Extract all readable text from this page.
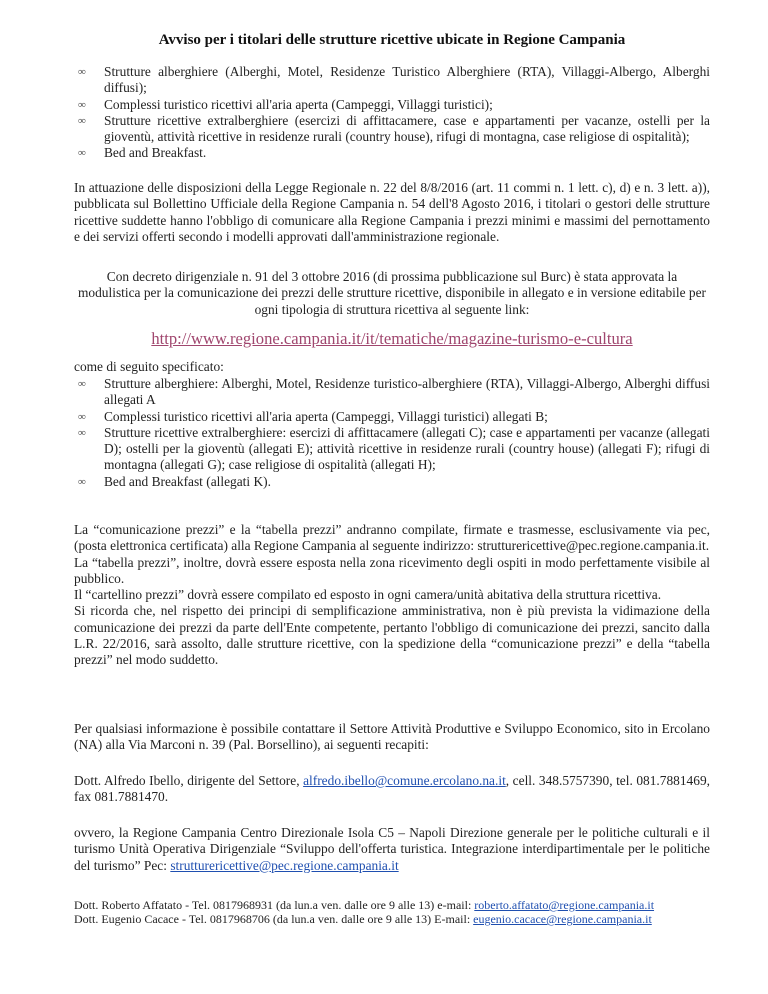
Avviso per i titolari delle strutture ricettive ubicate in Regione Campania
∞ Strutture alberghiere (Alberghi, Motel, Residenze Turistico Alberghiere (RTA), Villaggi-Albergo, Alberghi diffusi);
∞ Complessi turistico ricettivi all'aria aperta (Campeggi, Villaggi turistici);
∞ Strutture ricettive extralberghiere (esercizi di affittacamere, case e appartamenti per vacanze, ostelli per la gioventù, attività ricettive in residenze rurali (country house), rifugi di montagna, case religiose di ospitalità);
∞ Bed and Breakfast.

In attuazione delle disposizioni della Legge Regionale n. 22 del 8/8/2016 (art. 11 commi n. 1 lett. c), d) e n. 3 lett. a)), pubblicata sul Bollettino Ufficiale della Regione Campania n. 54 dell'8 Agosto 2016, i titolari o gestori delle strutture ricettive suddette hanno l'obbligo di comunicare alla Regione Campania i prezzi minimi e massimi del pernottamento e dei servizi offerti secondo i modelli approvati dall'amministrazione regionale.

Con decreto dirigenziale n. 91 del 3 ottobre 2016 (di prossima pubblicazione sul Burc) è stata approvata la modulistica per la comunicazione dei prezzi delle strutture ricettive, disponibile in allegato e in versione editabile per ogni tipologia di struttura ricettiva al seguente link:
http://www.regione.campania.it/it/tematiche/magazine-turismo-e-cultura
come di seguito specificato:
∞ Strutture alberghiere: Alberghi, Motel, Residenze turistico-alberghiere (RTA), Villaggi-Albergo, Alberghi diffusi allegati A
∞ Complessi turistico ricettivi all'aria aperta (Campeggi, Villaggi turistici) allegati B;
∞ Strutture ricettive extralberghiere: esercizi di affittacamere (allegati C); case e appartamenti per vacanze (allegati D); ostelli per la gioventù (allegati E); attività ricettive in residenze rurali (country house) (allegati F); rifugi di montagna (allegati G); case religiose di ospitalità (allegati H);
∞ Bed and Breakfast (allegati K).

La “comunicazione prezzi” e la “tabella prezzi” andranno compilate, firmate e trasmesse, esclusivamente via pec, (posta elettronica certificata) alla Regione Campania al seguente indirizzo: strutturericettive@pec.regione.campania.it.

La “tabella prezzi”, inoltre, dovrà essere esposta nella zona ricevimento degli ospiti in modo perfettamente visibile al pubblico.

Il “cartellino prezzi” dovrà essere compilato ed esposto in ogni camera/unità abitativa della struttura ricettiva.

Si ricorda che, nel rispetto dei principi di semplificazione amministrativa, non è più prevista la vidimazione della comunicazione dei prezzi da parte dell'Ente competente, pertanto l'obbligo di comunicazione dei prezzi, sancito dalla L.R. 22/2016, sarà assolto, dalle strutture ricettive, con la spedizione della “comunicazione prezzi” e della “tabella prezzi” nel modo suddetto.

Per qualsiasi informazione è possibile contattare il Settore Attività Produttive e Sviluppo Economico, sito in Ercolano (NA) alla Via Marconi n. 39 (Pal. Borsellino), ai seguenti recapiti:

Dott. Alfredo Ibello, dirigente del Settore, alfredo.ibello@comune.ercolano.na.it, cell. 348.5757390, tel. 081.7881469, fax 081.7881470.

ovvero, la Regione Campania Centro Direzionale Isola C5 – Napoli Direzione generale per le politiche culturali e il turismo Unità Operativa Dirigenziale “Sviluppo dell'offerta turistica. Integrazione interdipartimentale per le politiche del turismo” Pec: strutturericettive@pec.regione.campania.it

Dott. Roberto Affatato - Tel. 0817968931 (da lun.a ven. dalle ore 9 alle 13) e-mail: roberto.affatato@regione.campania.it
Dott. Eugenio Cacace - Tel. 0817968706 (da lun.a ven. dalle ore 9 alle 13) E-mail: eugenio.cacace@regione.campania.it
